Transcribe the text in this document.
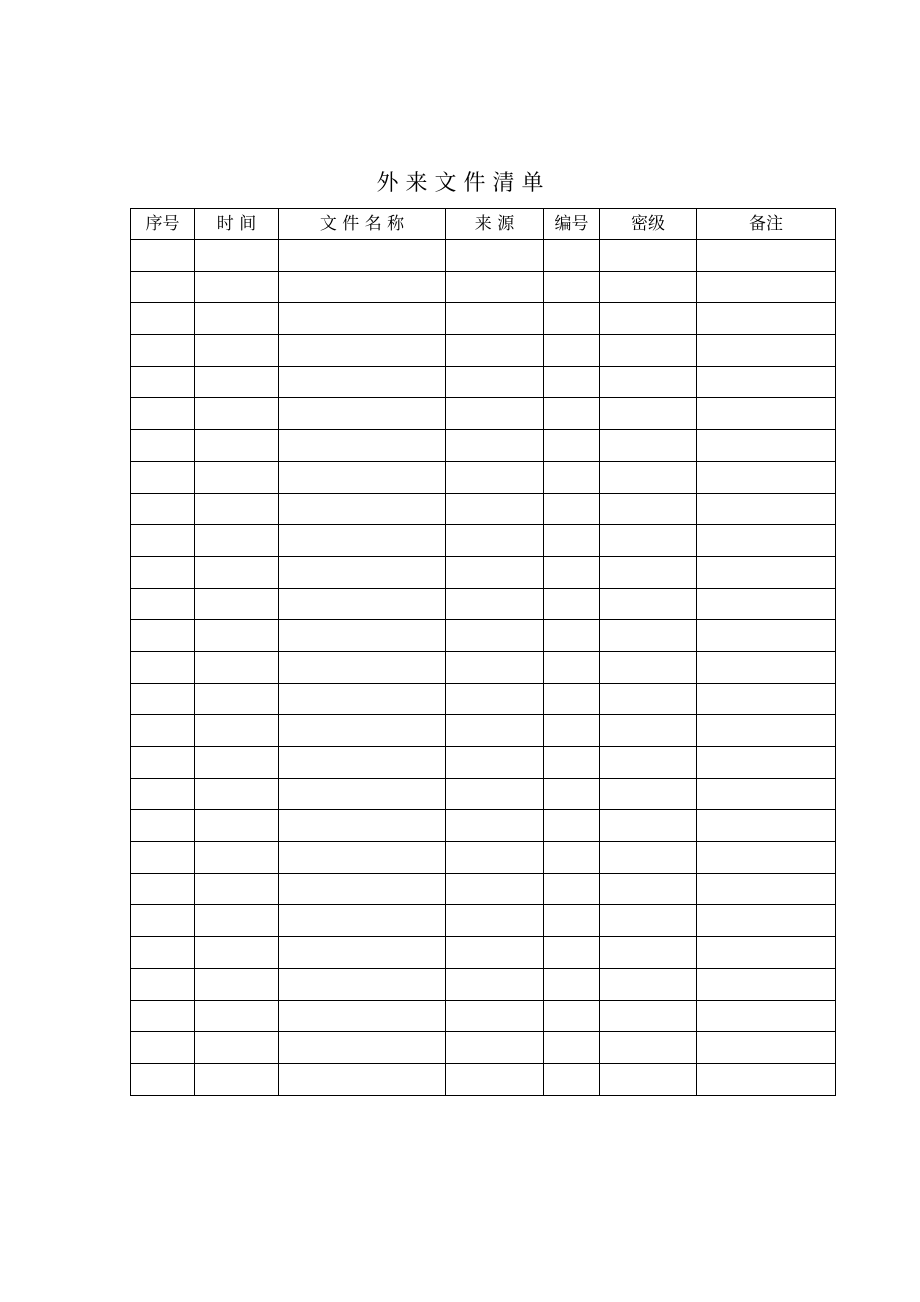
外 来 文 件 清 单
序号	时 间	文 件 名 称	来 源	编号	密级	备注
